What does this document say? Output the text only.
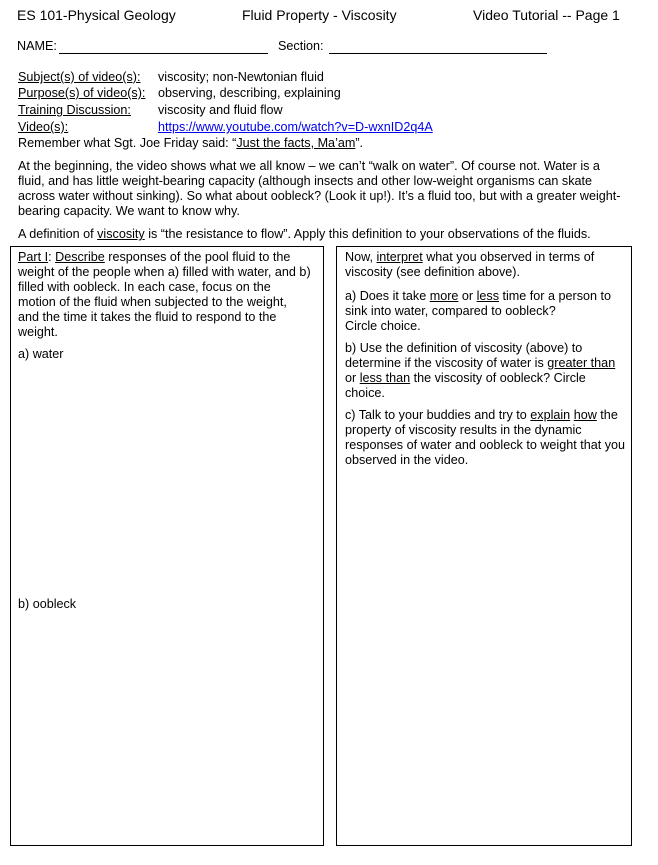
ES 101-Physical Geology	Fluid Property - Viscosity	Video Tutorial -- Page 1
NAME:	Section:
Subject(s) of video(s):	viscosity; non-Newtonian fluid
Purpose(s) of video(s):	observing, describing, explaining
Training Discussion:	viscosity and fluid flow
Video(s):	https://www.youtube.com/watch?v=D-wxnID2q4A
Remember what Sgt. Joe Friday said: “Just the facts, Ma’am”.
At the beginning, the video shows what we all know – we can’t “walk on water”. Of course not. Water is a fluid, and has little weight-bearing capacity (although insects and other low-weight organisms can skate across water without sinking). So what about oobleck? (Look it up!). It’s a fluid too, but with a greater weight-bearing capacity. We want to know why.
A definition of viscosity is “the resistance to flow”. Apply this definition to your observations of the fluids.
Part I: Describe responses of the pool fluid to the weight of the people when a) filled with water, and b) filled with oobleck. In each case, focus on the motion of the fluid when subjected to the weight, and the time it takes the fluid to respond to the weight.
a) water
b) oobleck
Now, interpret what you observed in terms of viscosity (see definition above).
a) Does it take more or less time for a person to sink into water, compared to oobleck?
Circle choice.
b) Use the definition of viscosity (above) to determine if the viscosity of water is greater than or less than the viscosity of oobleck? Circle choice.
c) Talk to your buddies and try to explain how the property of viscosity results in the dynamic responses of water and oobleck to weight that you observed in the video.
